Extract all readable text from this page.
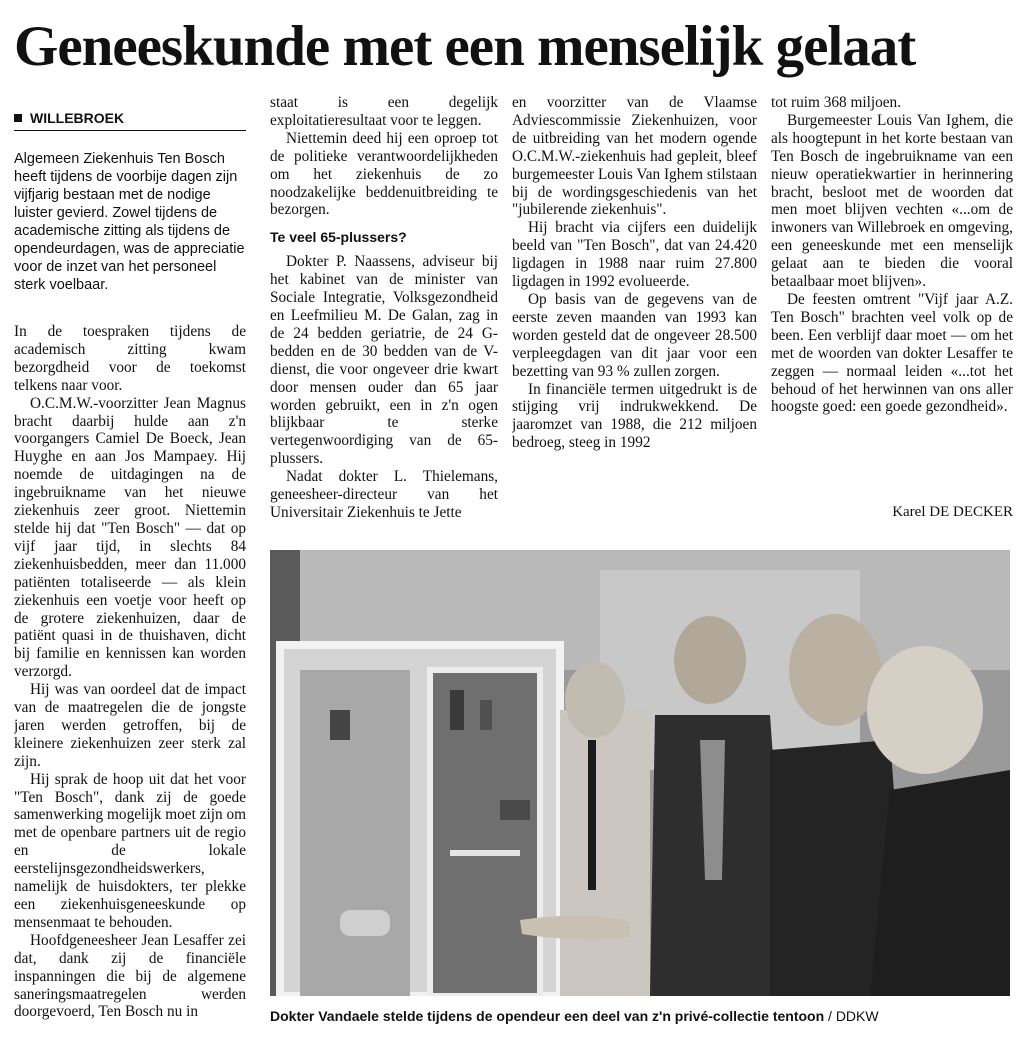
Geneeskunde met een menselijk gelaat
WILLEBROEK
Algemeen Ziekenhuis Ten Bosch heeft tijdens de voorbije dagen zijn vijfjarig bestaan met de nodige luister gevierd. Zowel tijdens de academische zitting als tijdens de opendeurdagen, was de appreciatie voor de inzet van het personeel sterk voelbaar.

In de toespraken tijdens de academisch zitting kwam bezorgdheid voor de toekomst telkens naar voor.

O.C.M.W.-voorzitter Jean Magnus bracht daarbij hulde aan z'n voorgangers Camiel De Boeck, Jean Huyghe en aan Jos Mampaey. Hij noemde de uitdagingen na de ingebruikname van het nieuwe ziekenhuis zeer groot. Niettemin stelde hij dat "Ten Bosch" — dat op vijf jaar tijd, in slechts 84 ziekenhuisbedden, meer dan 11.000 patiënten totaliseerde — als klein ziekenhuis een voetje voor heeft op de grotere ziekenhuizen, daar de patiënt quasi in de thuishaven, dicht bij familie en kennissen kan worden verzorgd.

Hij was van oordeel dat de impact van de maatregelen die de jongste jaren werden getroffen, bij de kleinere ziekenhuizen zeer sterk zal zijn.

Hij sprak de hoop uit dat het voor "Ten Bosch", dank zij de goede samenwerking mogelijk moet zijn om met de openbare partners uit de regio en de lokale eerstelijnsgezondheidswerkers, namelijk de huisdokters, ter plekke een ziekenhuisgeneeskunde op mensenmaat te behouden.

Hoofdgeneesheer Jean Lesaffer zei dat, dank zij de financiële inspanningen die bij de algemene saneringsmaatregelen werden doorgevoerd, Ten Bosch nu in

staat is een degelijk exploitatieresultaat voor te leggen.

Niettemin deed hij een oproep tot de politieke verantwoordelijkheden om het ziekenhuis de zo noodzakelijke beddenuitbreiding te bezorgen.

Te veel 65-plussers?

Dokter P. Naassens, adviseur bij het kabinet van de minister van Sociale Integratie, Volksgezondheid en Leefmilieu M. De Galan, zag in de 24 bedden geriatrie, de 24 G-bedden en de 30 bedden van de V-dienst, die voor ongeveer drie kwart door mensen ouder dan 65 jaar worden gebruikt, een in z'n ogen blijkbaar te sterke vertegenwoordiging van de 65-plussers.

Nadat dokter L. Thielemans, geneesheer-directeur van het Universitair Ziekenhuis te Jette

en voorzitter van de Vlaamse Adviescommissie Ziekenhuizen, voor de uitbreiding van het modern ogende O.C.M.W.-ziekenhuis had gepleit, bleef burgemeester Louis Van Ighem stilstaan bij de wordingsgeschiedenis van het "jubilerende ziekenhuis".

Hij bracht via cijfers een duidelijk beeld van "Ten Bosch", dat van 24.420 ligdagen in 1988 naar ruim 27.800 ligdagen in 1992 evolueerde.

Op basis van de gegevens van de eerste zeven maanden van 1993 kan worden gesteld dat de ongeveer 28.500 verpleegdagen van dit jaar voor een bezetting van 93 % zullen zorgen.

In financiële termen uitgedrukt is de stijging vrij indrukwekkend. De jaaromzet van 1988, die 212 miljoen bedroeg, steeg in 1992

tot ruim 368 miljoen.

Burgemeester Louis Van Ighem, die als hoogtepunt in het korte bestaan van Ten Bosch de ingebruikname van een nieuw operatiekwartier in herinnering bracht, besloot met de woorden dat men moet blijven vechten «...om de inwoners van Willebroek en omgeving, een geneeskunde met een menselijk gelaat aan te bieden die vooral betaalbaar moet blijven».

De feesten omtrent "Vijf jaar A.Z. Ten Bosch" brachten veel volk op de been. Een verblijf daar moet — om het met de woorden van dokter Lesaffer te zeggen — normaal leiden «...tot het behoud of het herwinnen van ons aller hoogste goed: een goede gezondheid».

Karel DE DECKER
Dokter Vandaele stelde tijdens de opendeur een deel van z'n privé-collectie tentoon / DDKW
